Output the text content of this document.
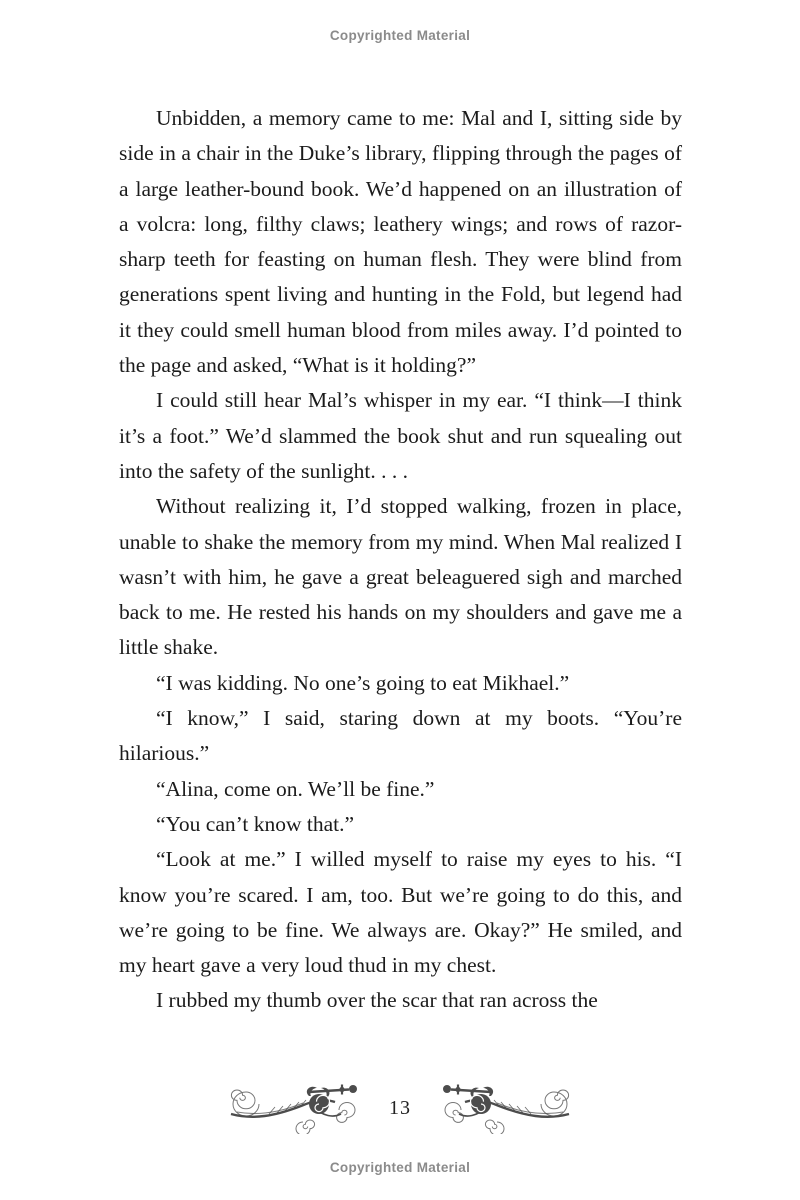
Copyrighted Material

Unbidden, a memory came to me: Mal and I, sitting side by side in a chair in the Duke’s library, flipping through the pages of a large leather-bound book. We’d happened on an illustration of a volcra: long, filthy claws; leathery wings; and rows of razor-sharp teeth for feasting on human flesh. They were blind from generations spent living and hunting in the Fold, but legend had it they could smell human blood from miles away. I’d pointed to the page and asked, “What is it holding?”

I could still hear Mal’s whisper in my ear. “I think—I think it’s a foot.” We’d slammed the book shut and run squealing out into the safety of the sunlight. . . .

Without realizing it, I’d stopped walking, frozen in place, unable to shake the memory from my mind. When Mal realized I wasn’t with him, he gave a great beleaguered sigh and marched back to me. He rested his hands on my shoulders and gave me a little shake.

“I was kidding. No one’s going to eat Mikhael.”

“I know,” I said, staring down at my boots. “You’re hilarious.”

“Alina, come on. We’ll be fine.”

“You can’t know that.”

“Look at me.” I willed myself to raise my eyes to his. “I know you’re scared. I am, too. But we’re going to do this, and we’re going to be fine. We always are. Okay?” He smiled, and my heart gave a very loud thud in my chest.

I rubbed my thumb over the scar that ran across the

13
Copyrighted Material
